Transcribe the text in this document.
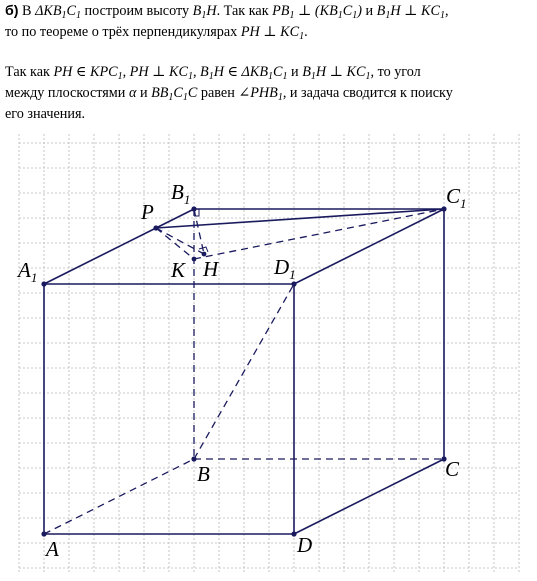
б) В $\Delta KB_1C_1$ построим высоту $B_1H$. Так как $PB_1$ ⊥ $(KB_1C_1)$ и $B_1H$ ⊥ $KC_1$,
то по теореме о трёх перпендикулярах PH ⊥ $KC_1$.
Так как PH ∈ $KPC_1$, PH ⊥ $KC_1$, $B_1H$ ∈ $\Delta KB_1C_1$ и $B_1H$ ⊥ $KC_1$, то угол
между плоскостями α и $BB_1C_1C$ равен $\angle PHB_1$, и задача сводится к поиску
его значения.
A
B	C
D
$A_1$
$B_1$	$C_1$
$D_1$
P
K H
